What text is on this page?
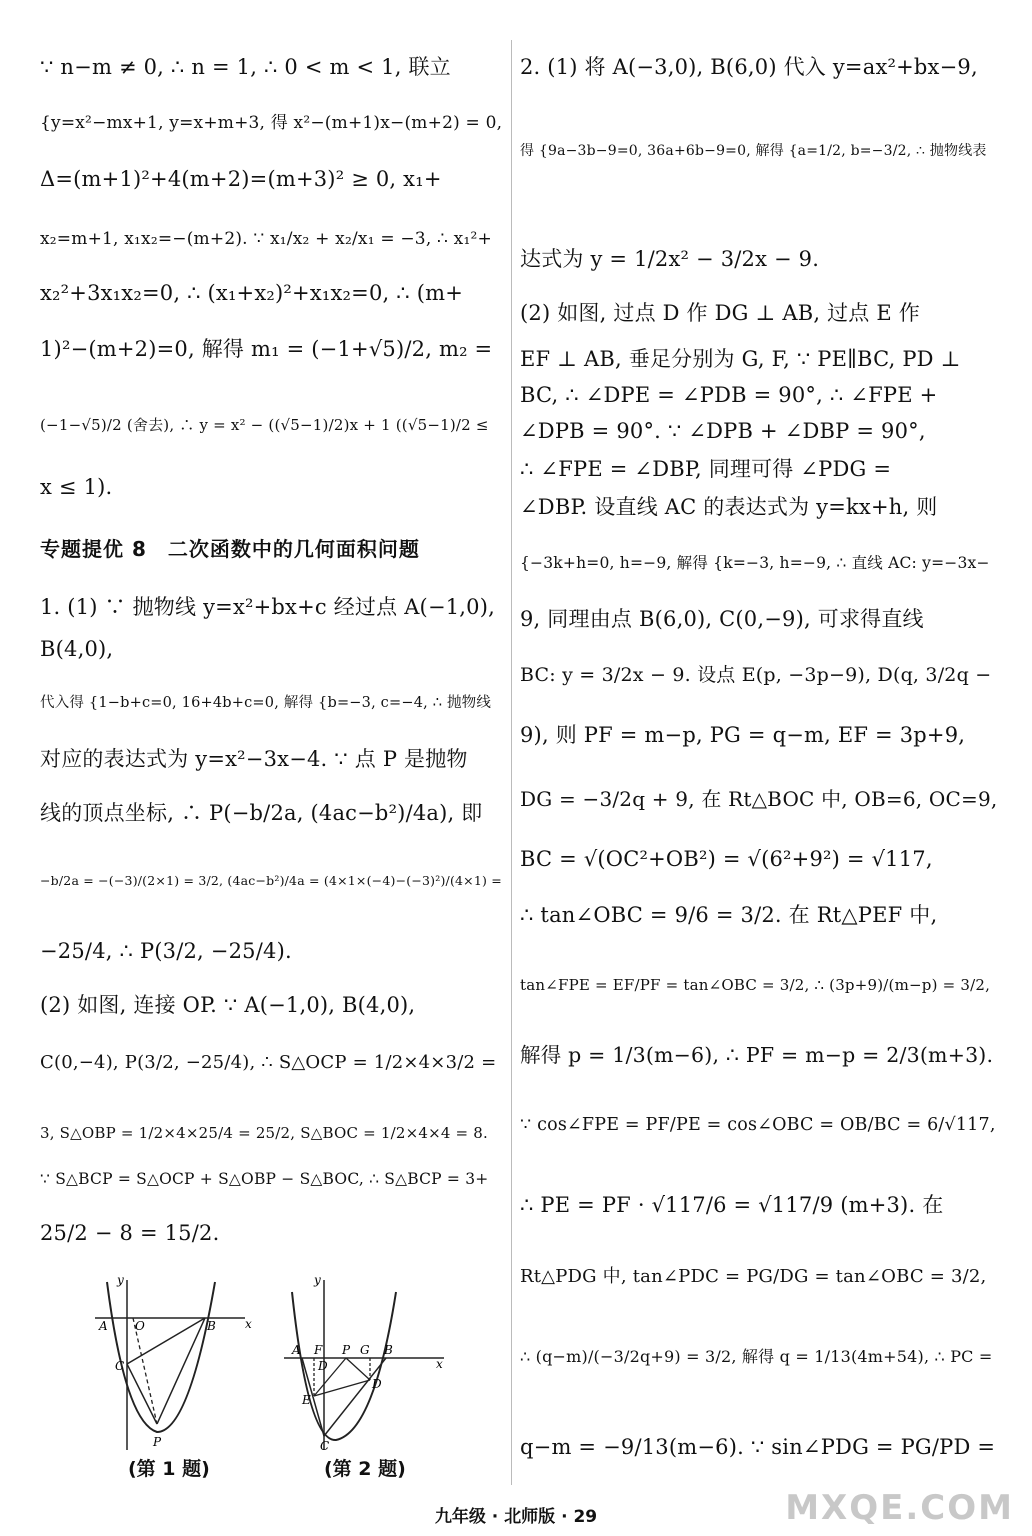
∵ n−m ≠ 0, ∴ n = 1, ∴ 0 < m < 1, 联立
{y=x²−mx+1, y=x+m+3, 得 x²−(m+1)x−(m+2) = 0,
Δ=(m+1)²+4(m+2)=(m+3)² ≥ 0, x₁+
x₂=m+1, x₁x₂=−(m+2). ∵ x₁/x₂ + x₂/x₁ = −3, ∴ x₁²+
x₂²+3x₁x₂=0, ∴ (x₁+x₂)²+x₁x₂=0, ∴ (m+
1)²−(m+2)=0, 解得 m₁ = (−1+√5)/2, m₂ =
(−1−√5)/2 (舍去), ∴ y = x² − ((√5−1)/2)x + 1 ((√5−1)/2 ≤
x ≤ 1).
专题提优 8　二次函数中的几何面积问题
1. (1) ∵ 抛物线 y=x²+bx+c 经过点 A(−1,0),
B(4,0),
代入得 {1−b+c=0, 16+4b+c=0, 解得 {b=−3, c=−4, ∴ 抛物线
对应的表达式为 y=x²−3x−4. ∵ 点 P 是抛物
线的顶点坐标, ∴ P(−b/2a, (4ac−b²)/4a), 即
−b/2a = −(−3)/(2×1) = 3/2, (4ac−b²)/4a = (4×1×(−4)−(−3)²)/(4×1) =
−25/4, ∴ P(3/2, −25/4).
(2) 如图, 连接 OP. ∵ A(−1,0), B(4,0),
C(0,−4), P(3/2, −25/4), ∴ S△OCP = 1/2×4×3/2 =
3, S△OBP = 1/2×4×25/4 = 25/2, S△BOC = 1/2×4×4 = 8.
∵ S△BCP = S△OCP + S△OBP − S△BOC, ∴ S△BCP = 3+
25/2 − 8 = 15/2.
y
x
A O	B
C
P
(第 1 题)
y
x
A F P G B
D
E
C
D
(第 2 题)
2. (1) 将 A(−3,0), B(6,0) 代入 y=ax²+bx−9,
得 {9a−3b−9=0, 36a+6b−9=0, 解得 {a=1/2, b=−3/2, ∴ 抛物线表
达式为 y = 1/2x² − 3/2x − 9.
(2) 如图, 过点 D 作 DG ⊥ AB, 过点 E 作
EF ⊥ AB, 垂足分别为 G, F, ∵ PE∥BC, PD ⊥
BC, ∴ ∠DPE = ∠PDB = 90°, ∴ ∠FPE +
∠DPB = 90°. ∵ ∠DPB + ∠DBP = 90°,
∴ ∠FPE = ∠DBP, 同理可得 ∠PDG =
∠DBP. 设直线 AC 的表达式为 y=kx+h, 则
{−3k+h=0, h=−9, 解得 {k=−3, h=−9, ∴ 直线 AC: y=−3x−
9, 同理由点 B(6,0), C(0,−9), 可求得直线
BC: y = 3/2x − 9. 设点 E(p, −3p−9), D(q, 3/2q −
9), 则 PF = m−p, PG = q−m, EF = 3p+9,
DG = −3/2q + 9, 在 Rt△BOC 中, OB=6, OC=9,
BC = √(OC²+OB²) = √(6²+9²) = √117,
∴ tan∠OBC = 9/6 = 3/2. 在 Rt△PEF 中,
tan∠FPE = EF/PF = tan∠OBC = 3/2, ∴ (3p+9)/(m−p) = 3/2,
解得 p = 1/3(m−6), ∴ PF = m−p = 2/3(m+3).
∵ cos∠FPE = PF/PE = cos∠OBC = OB/BC = 6/√117,
∴ PE = PF · √117/6 = √117/9 (m+3). 在
Rt△PDG 中, tan∠PDC = PG/DG = tan∠OBC = 3/2,
∴ (q−m)/(−3/2q+9) = 3/2, 解得 q = 1/13(4m+54), ∴ PC =
q−m = −9/13(m−6). ∵ sin∠PDG = PG/PD =
九年级 · 北师版 · 29	MXQE.COM
